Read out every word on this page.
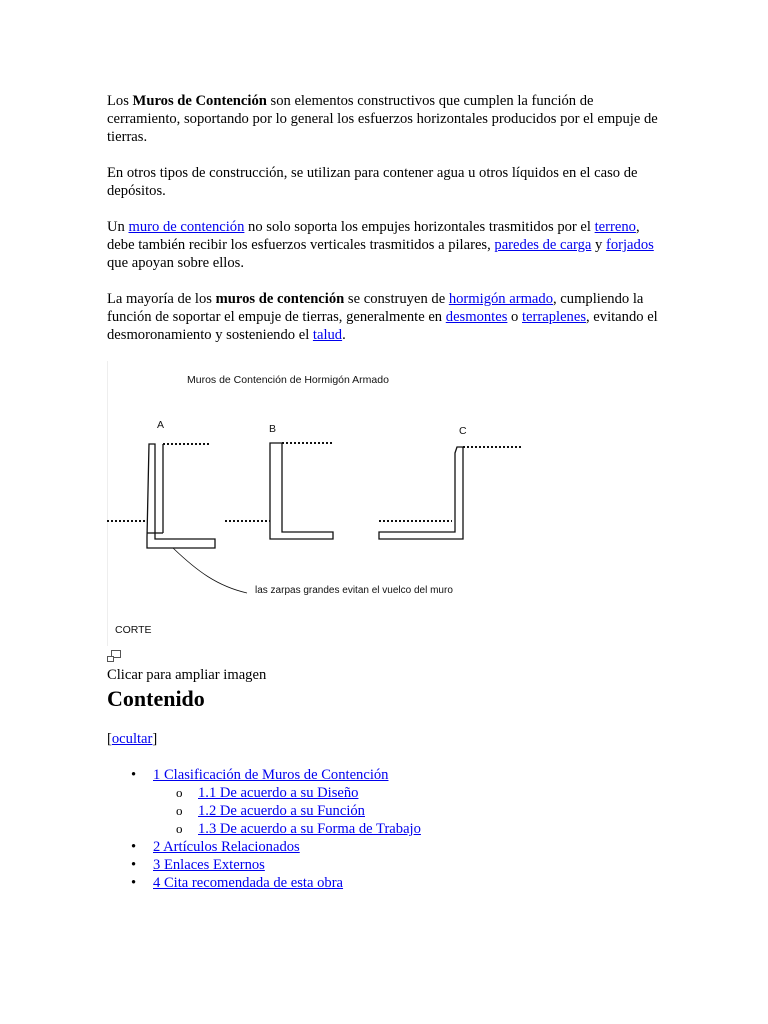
Los Muros de Contención son elementos constructivos que cumplen la función de cerramiento, soportando por lo general los esfuerzos horizontales producidos por el empuje de tierras.

En otros tipos de construcción, se utilizan para contener agua u otros líquidos en el caso de depósitos.

Un muro de contención no solo soporta los empujes horizontales trasmitidos por el terreno, debe también recibir los esfuerzos verticales trasmitidos a pilares, paredes de carga y forjados que apoyan sobre ellos.

La mayoría de los muros de contención se construyen de hormigón armado, cumpliendo la función de soportar el empuje de tierras, generalmente en desmontes o terraplenes, evitando el desmoronamiento y sosteniendo el talud.

Muros de Contención de Hormigón Armado
A	B	C
las zarpas grandes evitan el vuelco del muro
CORTE

Clicar para ampliar imagen

Contenido

[ocultar]

• 1 Clasificación de Muros de Contención
o 1.1 De acuerdo a su Diseño
o 1.2 De acuerdo a su Función
o 1.3 De acuerdo a su Forma de Trabajo
• 2 Artículos Relacionados
• 3 Enlaces Externos
• 4 Cita recomendada de esta obra
